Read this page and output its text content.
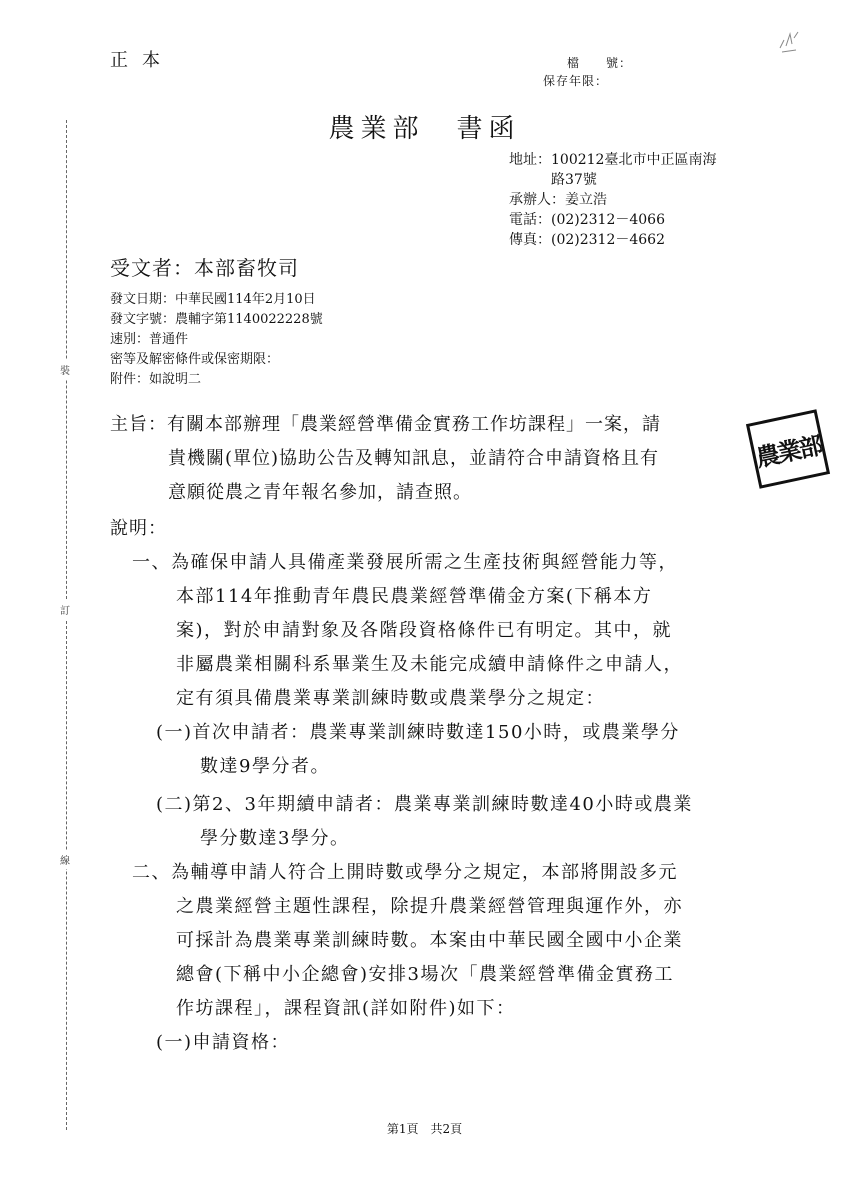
裝
訂
線
正本	檔　　號：
保存年限：
農業部　書函
地址：100212臺北市中正區南海
路37號
承辦人：姜立浩
電話：(02)2312－4066
傳真：(02)2312－4662
受文者：本部畜牧司
發文日期：中華民國114年2月10日
發文字號：農輔字第1140022228號
速別：普通件
密等及解密條件或保密期限：
附件：如說明二
主旨：有關本部辦理「農業經營準備金實務工作坊課程」一案，請
貴機關(單位)協助公告及轉知訊息，並請符合申請資格且有
意願從農之青年報名參加，請查照。
農業部
說明：
一、為確保申請人具備產業發展所需之生產技術與經營能力等，
本部114年推動青年農民農業經營準備金方案(下稱本方
案)，對於申請對象及各階段資格條件已有明定。其中，就
非屬農業相關科系畢業生及未能完成續申請條件之申請人，
定有須具備農業專業訓練時數或農業學分之規定：
(一)首次申請者：農業專業訓練時數達150小時，或農業學分
數達9學分者。
(二)第2、3年期續申請者：農業專業訓練時數達40小時或農業
學分數達3學分。
二、為輔導申請人符合上開時數或學分之規定，本部將開設多元
之農業經營主題性課程，除提升農業經營管理與運作外，亦
可採計為農業專業訓練時數。本案由中華民國全國中小企業
總會(下稱中小企總會)安排3場次「農業經營準備金實務工
作坊課程」，課程資訊(詳如附件)如下：
(一)申請資格：
第1頁　共2頁
